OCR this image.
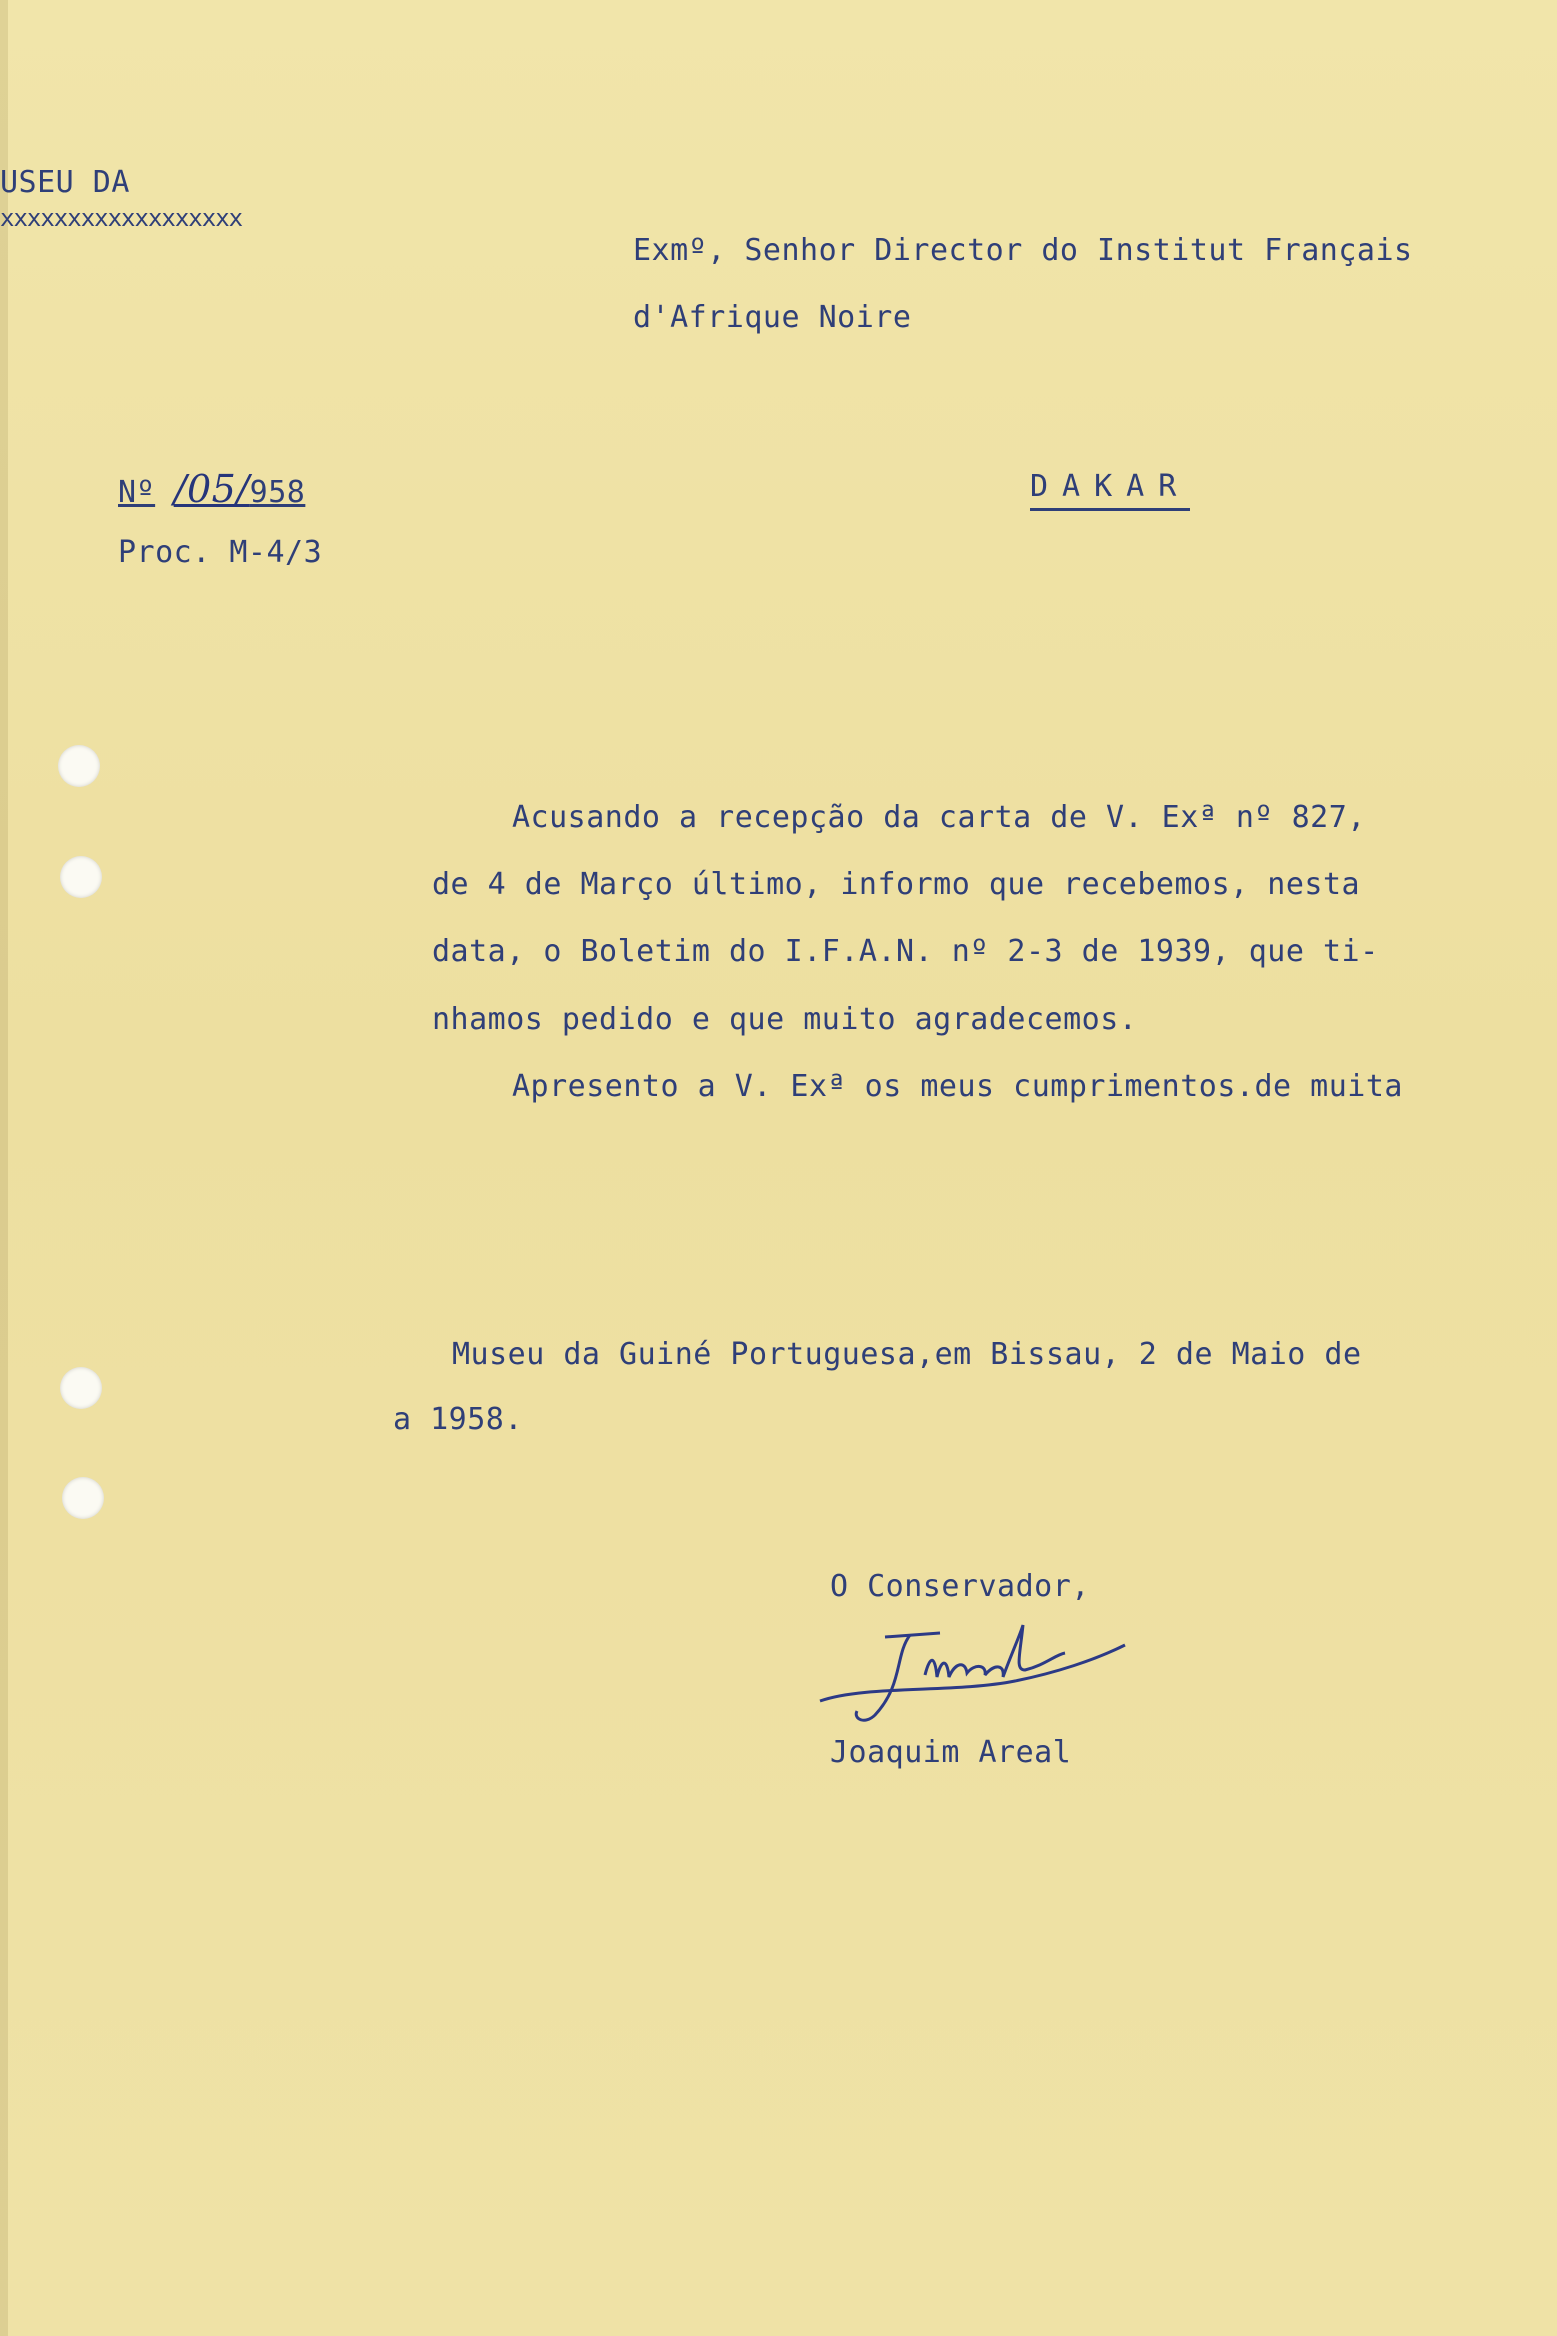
USEU DA
xxxxxxxxxxxxxxxxxx
Exmº, Senhor Director do Institut Français
d'Afrique Noire
Nº /05/958
Proc. M-4/3
DAKAR
Acusando a recepção da carta de V. Exª nº 827,
de 4 de Março último, informo que recebemos, nesta
data, o Boletim do I.F.A.N. nº 2-3 de 1939, que ti-
nhamos pedido e que muito agradecemos.
Apresento a V. Exª os meus cumprimentos.de muita
Museu da Guiné Portuguesa,em Bissau, 2 de Maio de
a 1958.
O Conservador,
Joaquim Areal
